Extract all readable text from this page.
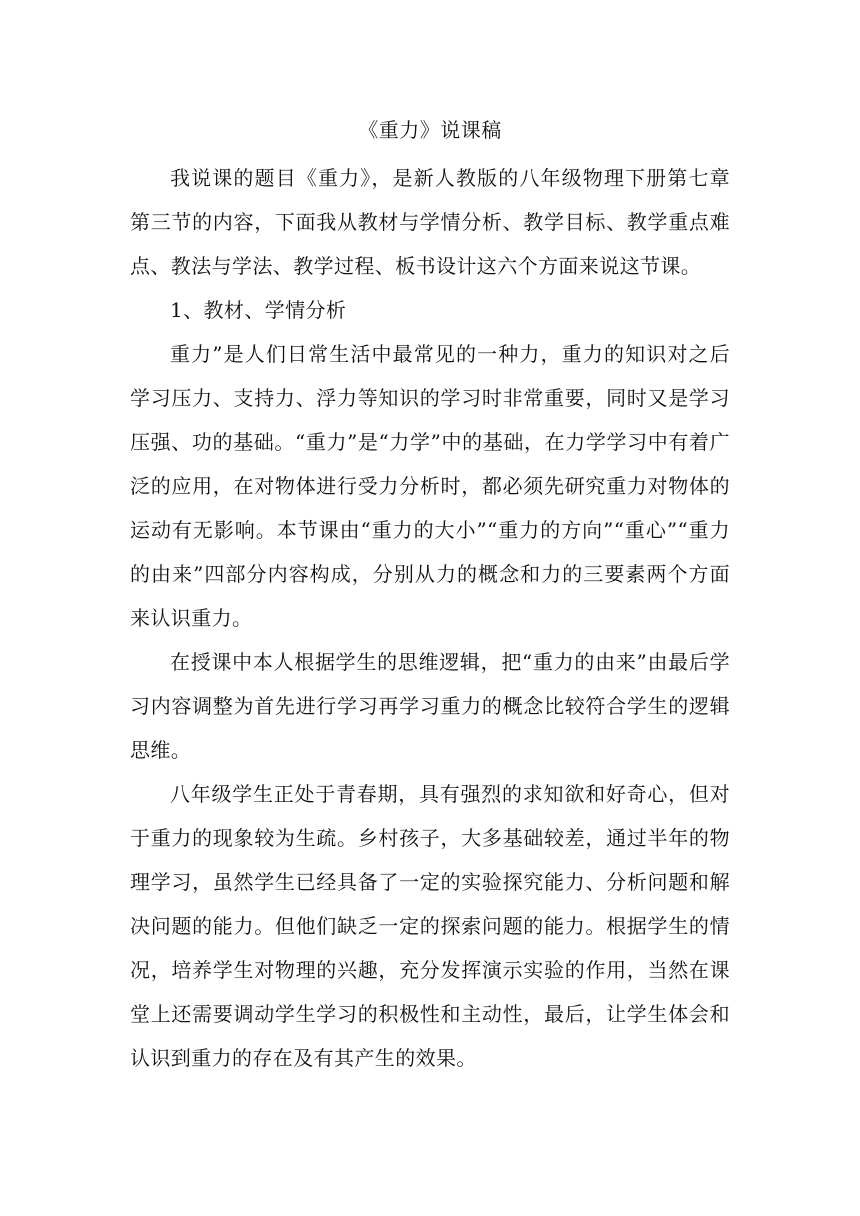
《重力》说课稿

我说课的题目《重力》，是新人教版的八年级物理下册第七章第三节的内容，下面我从教材与学情分析、教学目标、教学重点难点、教法与学法、教学过程、板书设计这六个方面来说这节课。

1、教材、学情分析

重力”是人们日常生活中最常见的一种力，重力的知识对之后学习压力、支持力、浮力等知识的学习时非常重要，同时又是学习压强、功的基础。“重力”是“力学”中的基础，在力学学习中有着广泛的应用，在对物体进行受力分析时，都必须先研究重力对物体的运动有无影响。本节课由“重力的大小”“重力的方向”“重心”“重力的由来”四部分内容构成，分别从力的概念和力的三要素两个方面来认识重力。

在授课中本人根据学生的思维逻辑，把“重力的由来”由最后学习内容调整为首先进行学习再学习重力的概念比较符合学生的逻辑思维。

八年级学生正处于青春期，具有强烈的求知欲和好奇心，但对于重力的现象较为生疏。乡村孩子，大多基础较差，通过半年的物理学习，虽然学生已经具备了一定的实验探究能力、分析问题和解决问题的能力。但他们缺乏一定的探索问题的能力。根据学生的情况，培养学生对物理的兴趣，充分发挥演示实验的作用，当然在课堂上还需要调动学生学习的积极性和主动性，最后，让学生体会和认识到重力的存在及有其产生的效果。
